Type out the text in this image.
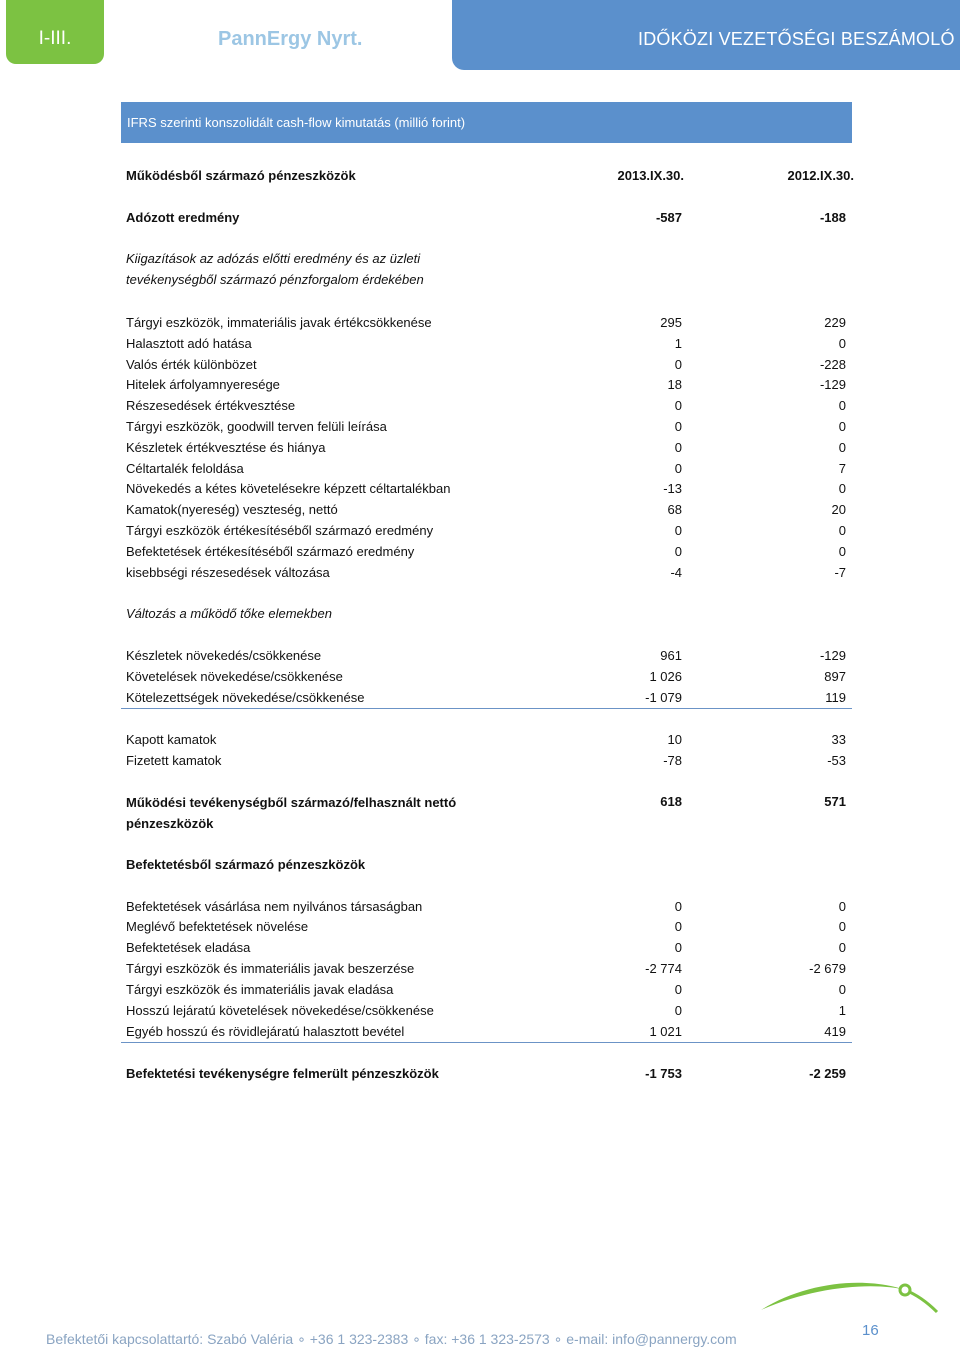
I-III.	PannErgy Nyrt.	IDŐKÖZI VEZETŐSÉGI BESZÁMOLÓ
IFRS szerinti konszolidált cash-flow kimutatás (millió forint)
Működésből származó pénzeszközök	2013.IX.30.	2012.IX.30.
Adózott eredmény	-587	-188
Kiigazítások az adózás előtti eredmény és az üzleti tevékenységből származó pénzforgalom érdekében
Tárgyi eszközök, immateriális javak értékcsökkenése	295	229
Halasztott adó hatása	1	0
Valós érték különbözet	0	-228
Hitelek árfolyamnyeresége	18	-129
Részesedések értékvesztése	0	0
Tárgyi eszközök, goodwill terven felüli leírása	0	0
Készletek értékvesztése és hiánya	0	0
Céltartalék feloldása	0	7
Növekedés a kétes követelésekre képzett céltartalékban	-13	0
Kamatok(nyereség) veszteség, nettó	68	20
Tárgyi eszközök értékesítéséből származó eredmény	0	0
Befektetések értékesítéséből származó eredmény	0	0
kisebbségi részesedések változása	-4	-7
Változás a működő tőke elemekben
Készletek növekedés/csökkenése	961	-129
Követelések növekedése/csökkenése	1 026	897
Kötelezettségek növekedése/csökkenése	-1 079	119
Kapott kamatok	10	33
Fizetett kamatok	-78	-53
Működési tevékenységből származó/felhasznált nettó pénzeszközök
618	571
Befektetésből származó pénzeszközök
Befektetések vásárlása nem nyilvános társaságban	0	0
Meglévő befektetések növelése	0	0
Befektetések eladása	0	0
Tárgyi eszközök és immateriális javak beszerzése	-2 774	-2 679
Tárgyi eszközök és immateriális javak eladása	0	0
Hosszú lejáratú követelések növekedése/csökkenése	0	1
Egyéb hosszú és rövidlejáratú halasztott bevétel	1 021	419
Befektetési tevékenységre felmerült pénzeszközök	-1 753	-2 259
Befektetői kapcsolattartó: Szabó Valéria ∘ +36 1 323-2383 ∘ fax: +36 1 323-2573 ∘ e-mail: info@pannergy.com	16
